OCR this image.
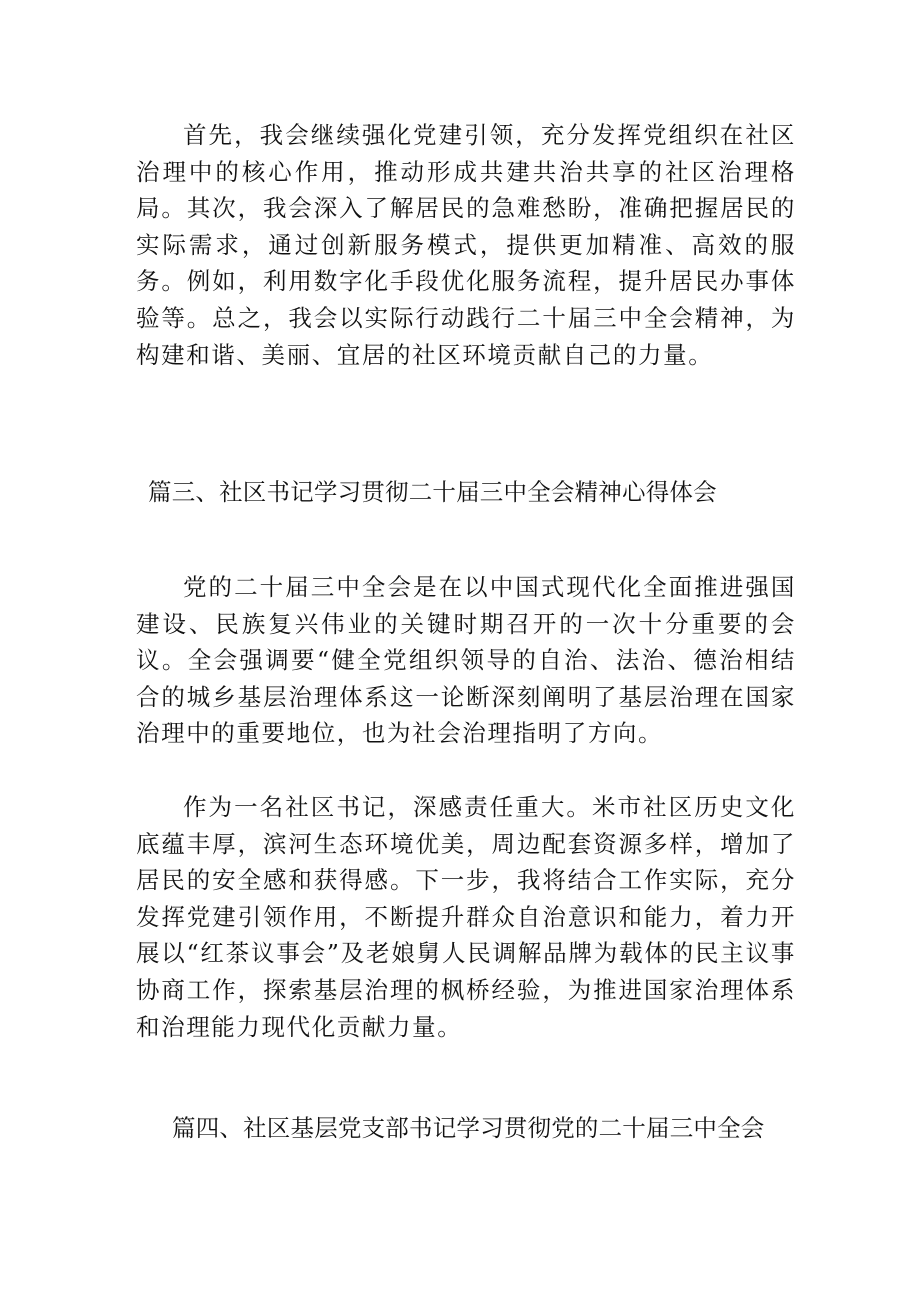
首先，我会继续强化党建引领，充分发挥党组织在社区治理中的核心作用，推动形成共建共治共享的社区治理格局。其次，我会深入了解居民的急难愁盼，准确把握居民的实际需求，通过创新服务模式，提供更加精准、高效的服务。例如，利用数字化手段优化服务流程，提升居民办事体验等。总之，我会以实际行动践行二十届三中全会精神，为构建和谐、美丽、宜居的社区环境贡献自己的力量。

篇三、社区书记学习贯彻二十届三中全会精神心得体会

党的二十届三中全会是在以中国式现代化全面推进强国建设、民族复兴伟业的关键时期召开的一次十分重要的会议。全会强调要“健全党组织领导的自治、法治、德治相结合的城乡基层治理体系这一论断深刻阐明了基层治理在国家治理中的重要地位，也为社会治理指明了方向。

作为一名社区书记，深感责任重大。米市社区历史文化底蕴丰厚，滨河生态环境优美，周边配套资源多样，增加了居民的安全感和获得感。下一步，我将结合工作实际，充分发挥党建引领作用，不断提升群众自治意识和能力，着力开展以“红茶议事会”及老娘舅人民调解品牌为载体的民主议事协商工作，探索基层治理的枫桥经验，为推进国家治理体系和治理能力现代化贡献力量。

篇四、社区基层党支部书记学习贯彻党的二十届三中全会
